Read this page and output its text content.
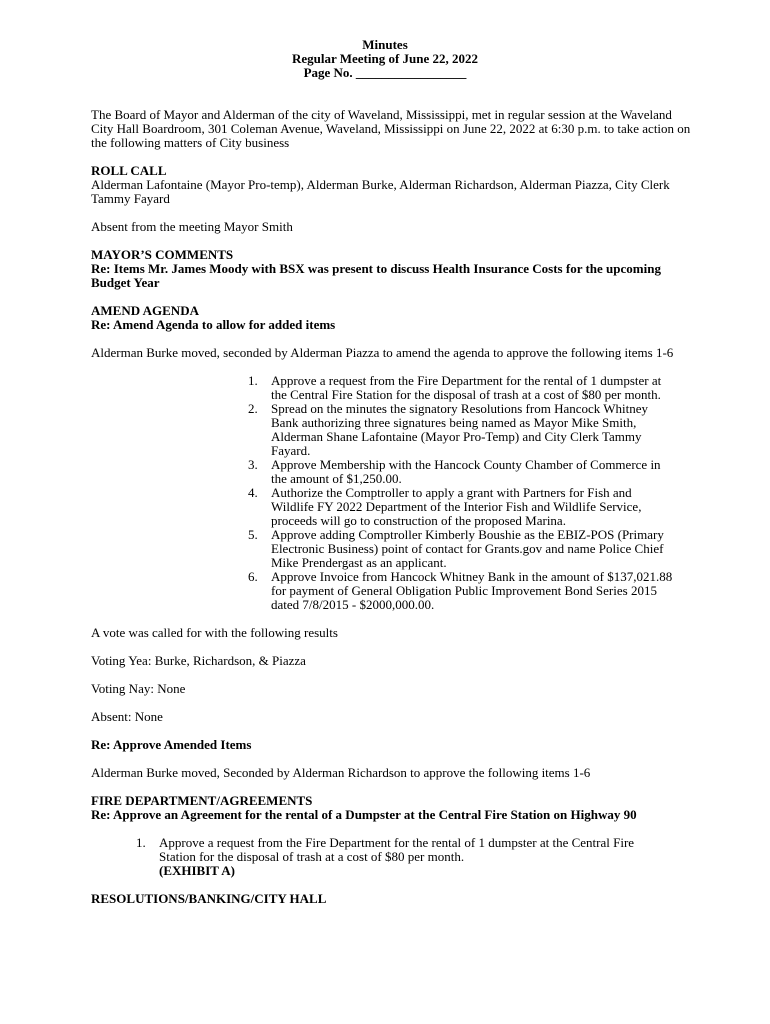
Minutes
Regular Meeting of June 22, 2022
Page No. _________________

The Board of Mayor and Alderman of the city of Waveland, Mississippi, met in regular session at the Waveland City Hall Boardroom, 301 Coleman Avenue, Waveland, Mississippi on June 22, 2022 at 6:30 p.m. to take action on the following matters of City business

ROLL CALL
Alderman Lafontaine (Mayor Pro-temp), Alderman Burke, Alderman Richardson, Alderman Piazza, City Clerk Tammy Fayard

Absent from the meeting Mayor Smith

MAYOR’S COMMENTS
Re: Items Mr. James Moody with BSX was present to discuss Health Insurance Costs for the upcoming Budget Year
AMEND AGENDA
Re: Amend Agenda to allow for added items

Alderman Burke moved, seconded by Alderman Piazza to amend the agenda to approve the following items 1-6

1. Approve a request from the Fire Department for the rental of 1 dumpster at the Central Fire Station for the disposal of trash at a cost of $80 per month.
2. Spread on the minutes the signatory Resolutions from Hancock Whitney Bank authorizing three signatures being named as Mayor Mike Smith, Alderman Shane Lafontaine (Mayor Pro-Temp) and City Clerk Tammy Fayard.
3. Approve Membership with the Hancock County Chamber of Commerce in the amount of $1,250.00.
4. Authorize the Comptroller to apply a grant with Partners for Fish and Wildlife FY 2022 Department of the Interior Fish and Wildlife Service, proceeds will go to construction of the proposed Marina.
5. Approve adding Comptroller Kimberly Boushie as the EBIZ-POS (Primary Electronic Business) point of contact for Grants.gov and name Police Chief Mike Prendergast as an applicant.
6. Approve Invoice from Hancock Whitney Bank in the amount of $137,021.88 for payment of General Obligation Public Improvement Bond Series 2015 dated 7/8/2015 - $2000,000.00.

A vote was called for with the following results

Voting Yea: Burke, Richardson, & Piazza

Voting Nay: None

Absent: None

Re: Approve Amended Items

Alderman Burke moved, Seconded by Alderman Richardson to approve the following items 1-6

FIRE DEPARTMENT/AGREEMENTS
Re: Approve an Agreement for the rental of a Dumpster at the Central Fire Station on Highway 90
1. Approve a request from the Fire Department for the rental of 1 dumpster at the Central Fire Station for the disposal of trash at a cost of $80 per month.
(EXHIBIT A)
RESOLUTIONS/BANKING/CITY HALL
